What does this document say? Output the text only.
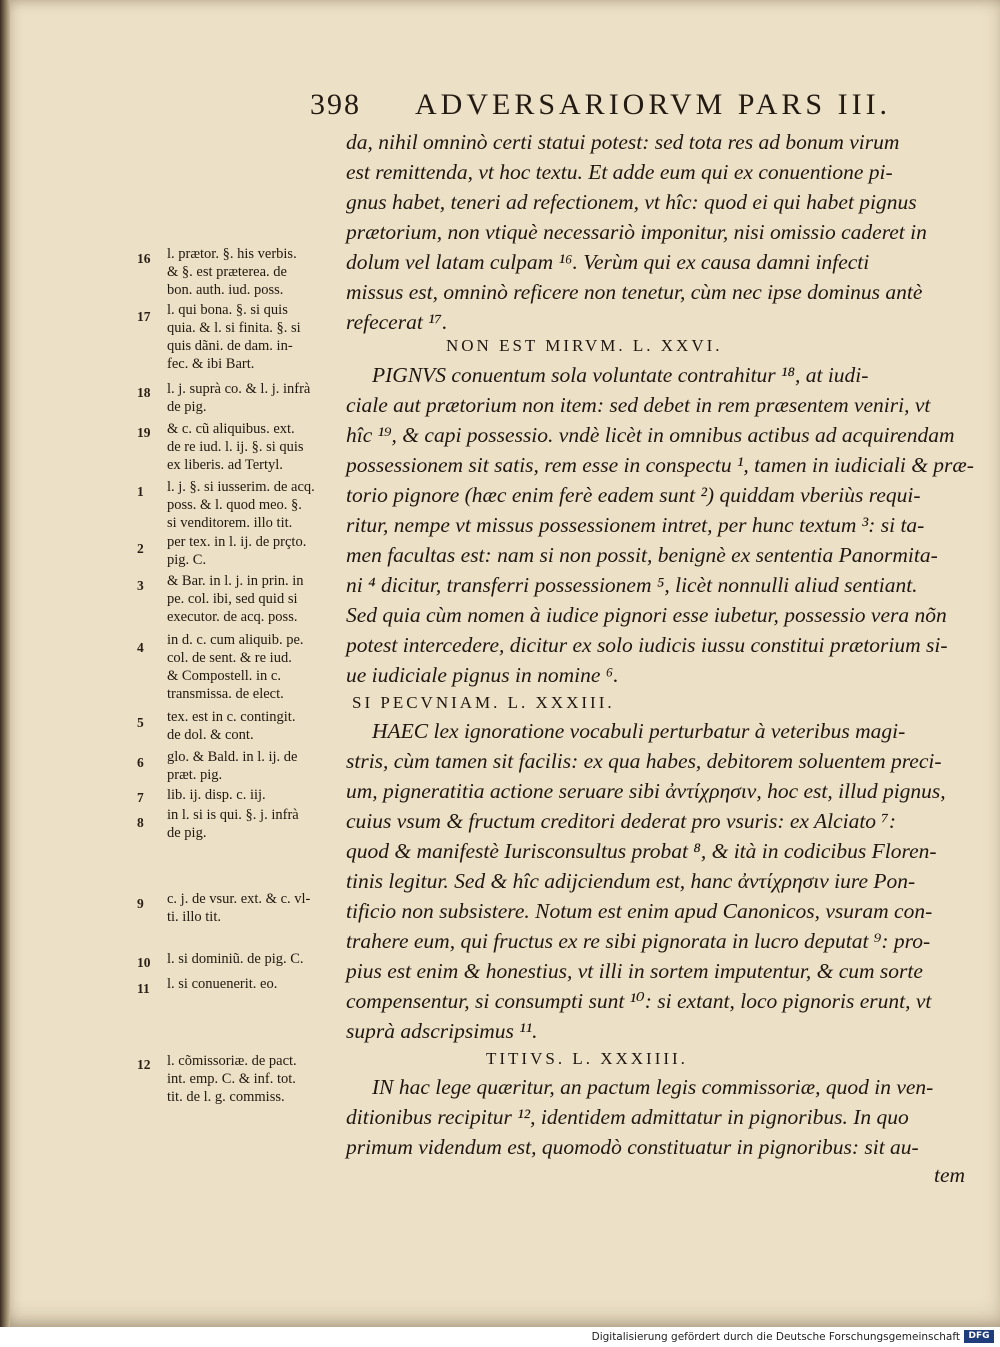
398 ADVERSARIORVM PARS III.
da, nihil omninò certi statui potest: sed tota res ad bonum virum
est remittenda, vt hoc textu. Et adde eum qui ex conuentione pi-
gnus habet, teneri ad refectionem, vt hîc: quod ei qui habet pignus
prætorium, non vtiquè necessariò imponitur, nisi omissio caderet in
dolum vel latam culpam ¹⁶. Verùm qui ex causa damni infecti
missus est, omninò reficere non tenetur, cùm nec ipse dominus antè
refecerat ¹⁷.
NON EST MIRVM. L. XXVI.
PIGNVS conuentum sola voluntate contrahitur ¹⁸, at iudi-
ciale aut prætorium non item: sed debet in rem præsentem veniri, vt
hîc ¹⁹, & capi possessio. vndè licèt in omnibus actibus ad acquirendam
possessionem sit satis, rem esse in conspectu ¹, tamen in iudiciali & præ-
torio pignore (hæc enim ferè eadem sunt ²) quiddam vberiùs requi-
ritur, nempe vt missus possessionem intret, per hunc textum ³: si ta-
men facultas est: nam si non possit, benignè ex sententia Panormita-
ni ⁴ dicitur, transferri possessionem ⁵, licèt nonnulli aliud sentiant.
Sed quia cùm nomen à iudice pignori esse iubetur, possessio vera nõn
potest intercedere, dicitur ex solo iudicis iussu constitui prætorium si-
ue iudiciale pignus in nomine ⁶.
SI PECVNIAM. L. XXXIII.
HAEC lex ignoratione vocabuli perturbatur à veteribus magi-
stris, cùm tamen sit facilis: ex qua habes, debitorem soluentem preci-
um, pigneratitia actione seruare sibi ἀντίχρησιν, hoc est, illud pignus,
cuius vsum & fructum creditori dederat pro vsuris: ex Alciato ⁷:
quod & manifestè Iurisconsultus probat ⁸, & ità in codicibus Floren-
tinis legitur. Sed & hîc adijciendum est, hanc ἀντίχρησιν iure Pon-
tificio non subsistere. Notum est enim apud Canonicos, vsuram con-
trahere eum, qui fructus ex re sibi pignorata in lucro deputat ⁹: pro-
pius est enim & honestius, vt illi in sortem imputentur, & cum sorte
compensentur, si consumpti sunt ¹⁰: si extant, loco pignoris erunt, vt
suprà adscripsimus ¹¹.
TITIVS. L. XXXIIII.
IN hac lege quæritur, an pactum legis commissoriæ, quod in ven-
ditionibus recipitur ¹², identidem admittatur in pignoribus. In quo
primum videndum est, quomodò constituatur in pignoribus: sit au-
tem
16
17
18
19
1
2
3
4
5
6
7
8
9
10
11
12
l. prætor. §. his verbis.
& §. est præterea. de
bon. auth. iud. poss.
l. qui bona. §. si quis
quia. & l. si finita. §. si
quis dãni. de dam. in-
fec. & ibi Bart.
l. j. suprà co. & l. j. infrà
de pig.
& c. cũ aliquibus. ext.
de re iud. l. ij. §. si quis
ex liberis. ad Tertyl.
l. j. §. si iusserim. de acq.
poss. & l. quod meo. §.
si venditorem. illo tit.
per tex. in l. ij. de prçto.
pig. C.
& Bar. in l. j. in prin. in
pe. col. ibi, sed quid si
executor. de acq. poss.
in d. c. cum aliquib. pe.
col. de sent. & re iud.
& Compostell. in c.
transmissa. de elect.
tex. est in c. contingit.
de dol. & cont.
glo. & Bald. in l. ij. de
præt. pig.
lib. ij. disp. c. iij.
in l. si is qui. §. j. infrà
de pig.
c. j. de vsur. ext. & c. vl-
ti. illo tit.
l. si dominiũ. de pig. C.
l. si conuenerit. eo.
l. cõmissoriæ. de pact.
int. emp. C. & inf. tot.
tit. de l. g. commiss.
Digitalisierung gefördert durch die Deutsche Forschungsgemeinschaft DFG
